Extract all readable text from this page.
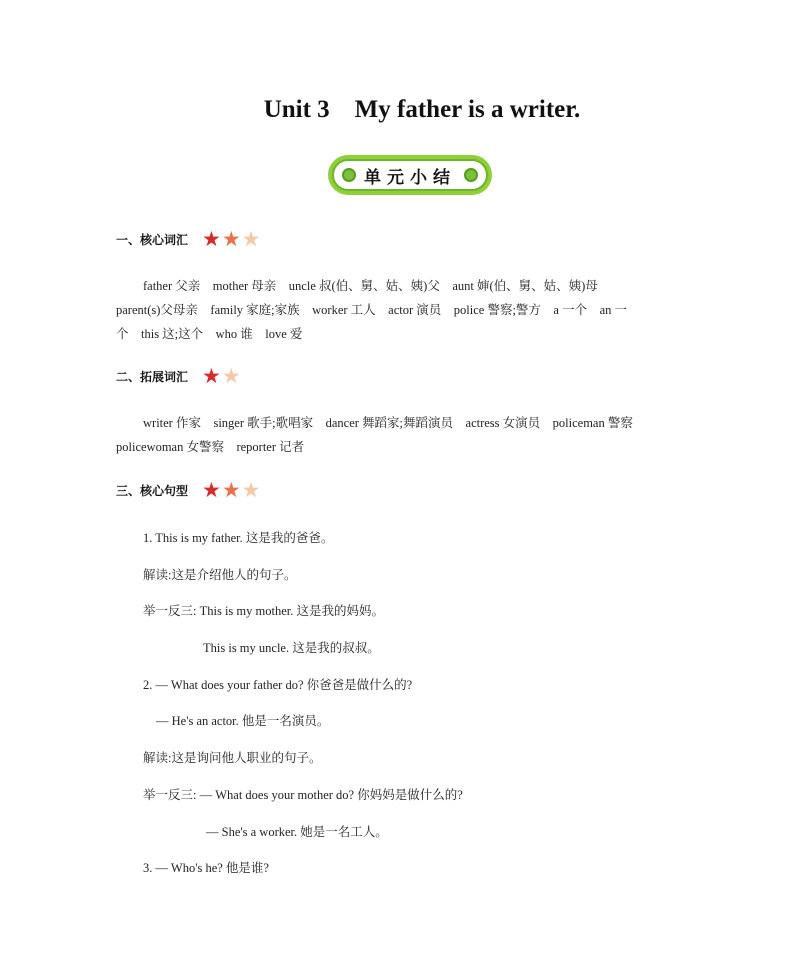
Unit 3    My father is a writer.
单元小结
一、核心词汇 ★ ★ ★
father 父亲    mother 母亲    uncle 叔(伯、舅、姑、姨)父    aunt 婶(伯、舅、姑、姨)母
parent(s)父母亲    family 家庭;家族    worker 工人    actor 演员    police 警察;警方    a 一个    an 一
个    this 这;这个    who 谁    love 爱
二、拓展词汇 ★ ★
writer 作家    singer 歌手;歌唱家    dancer 舞蹈家;舞蹈演员    actress 女演员    policeman 警察
policewoman 女警察    reporter 记者
三、核心句型 ★ ★ ★
1. This is my father. 这是我的爸爸。
解读:这是介绍他人的句子。
举一反三: This is my mother. 这是我的妈妈。
This is my uncle. 这是我的叔叔。
2. — What does your father do? 你爸爸是做什么的?
— He's an actor. 他是一名演员。
解读:这是询问他人职业的句子。
举一反三: — What does your mother do? 你妈妈是做什么的?
— She's a worker. 她是一名工人。
3. — Who's he? 他是谁?
